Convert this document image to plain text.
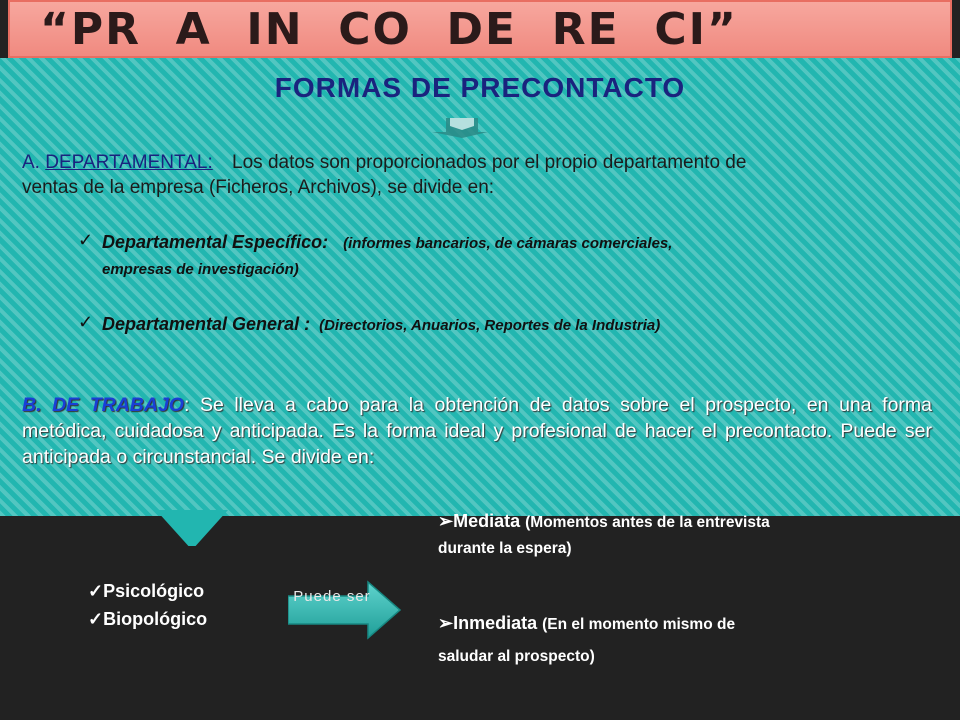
“PR  A  IN  CO  DE  RE  CI”
FORMAS DE PRECONTACTO
A. DEPARTAMENTAL: Los datos son proporcionados por el propio departamento de
ventas de la empresa (Ficheros, Archivos), se divide en:
✓ Departamental Específico: (informes bancarios, de cámaras comerciales,
empresas de investigación)
✓ Departamental General : (Directorios, Anuarios, Reportes de la Industria)
B. DE TRABAJO: Se lleva a cabo para la obtención de datos sobre el prospecto, en una forma metódica, cuidadosa y anticipada. Es la forma ideal y profesional de hacer el precontacto. Puede ser anticipada o circunstancial. Se divide en:
✓Psicológico
✓Biopológico
Puede ser
➢Mediata (Momentos antes de la entrevista
durante la espera)
➢Inmediata (En el momento mismo de
saludar al prospecto)
